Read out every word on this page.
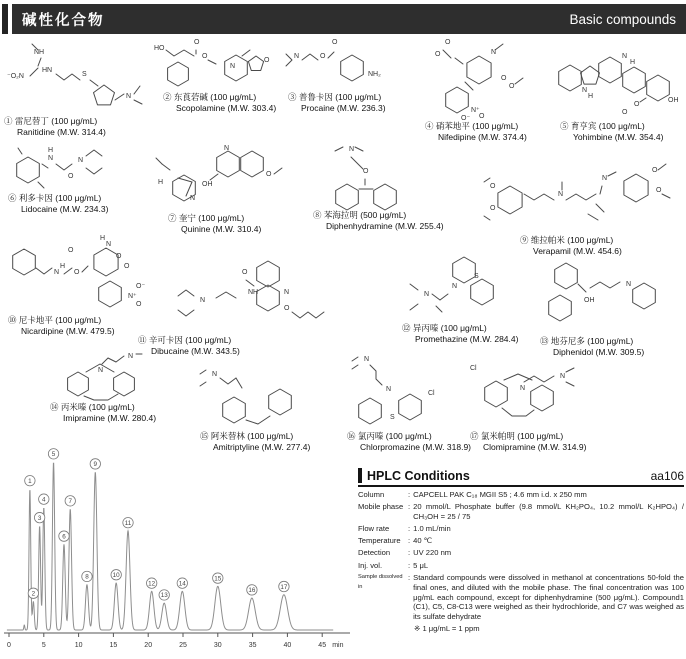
碱性化合物	Basic compounds
⁻O₂N
NH
HN
S
N
① 雷尼替丁 (100 μg/mL)
Ranitidine (M.W. 314.4)
HO
O
O
N
O
② 东莨菪碱 (100 μg/mL)
Scopolamine (M.W. 303.4)
N	O
O
NH₂
③ 普鲁卡因 (100 μg/mL)
Procaine (M.W. 236.3)
O
O	N
O
O
N⁺
O
O⁻
④ 硝苯地平 (100 μg/mL)
Nifedipine (M.W. 374.4)
N
H
N
H
OH
O
O
⑤ 育亨宾 (100 μg/mL)
Yohimbine (M.W. 354.4)
H
N
O
N
⑥ 利多卡因 (100 μg/mL)
Lidocaine (M.W. 234.3)
N
O
OH
H
N
⑦ 奎宁 (100 μg/mL)
Quinine (M.W. 310.4)
N
O
⑧ 苯海拉明 (500 μg/mL)
Diphenhydramine (M.W. 255.4)
O
O
N
N
O
O
⑨ 维拉帕米 (100 μg/mL)
Verapamil (M.W. 454.6)
N
H
O
O
H
N
O
O
N⁺
O
O⁻
⑩ 尼卡地平 (100 μg/mL)
Nicardipine (M.W. 479.5)
N
O
NH
N
O
⑪ 辛可卡因 (100 μg/mL)
Dibucaine (M.W. 343.5)
S
N
N
⑫ 异丙嗪 (100 μg/mL)
Promethazine (M.W. 284.4)
OH
N
⑬ 地芬尼多 (100 μg/mL)
Diphenidol (M.W. 309.5)
N
N
⑭ 丙米嗪 (100 μg/mL)
Imipramine (M.W. 280.4)
N
⑮ 阿米替林 (100 μg/mL)
Amitriptyline (M.W. 277.4)
N
N
S
Cl
⑯ 氯丙嗪 (100 μg/mL)
Chlorpromazine (M.W. 318.9)
Cl
N
N
⑰ 氯米帕明 (100 μg/mL)
Clomipramine (M.W. 314.9)
0	5	10	15	20	25	30	35	40	45 min
1
2
3
4
5
6
7
8
9
10
11
12
13
14
15
16	17
HPLC Conditions	aa106
Column	: CAPCELL PAK C₁₈ MGII S5 ; 4.6 mm i.d. x 250 mm
Mobile phase : 20 mmol/L Phosphate buffer (9.8 mmol/L KH₂PO₄, 10.2 mmol/L K₂HPO₄) / CH₃OH = 25 / 75
Flow rate	: 1.0 mL/min
Temperature : 40 ℃
Detection	: UV 220 nm
Inj. vol.	: 5 μL
Sample dissolved in
: Standard compounds were dissolved in methanol at concentrations 50-fold the final ones, and diluted with the mobile phase. The final concentration was 100 μg/mL each compound, except for diphenhydramine (500 μg/mL). Compound1 (C1), C5, C8-C13 were weighed as their hydrochloride, and C7 was weighed as its sulfate dehydrate
※ 1 μg/mL = 1 ppm
